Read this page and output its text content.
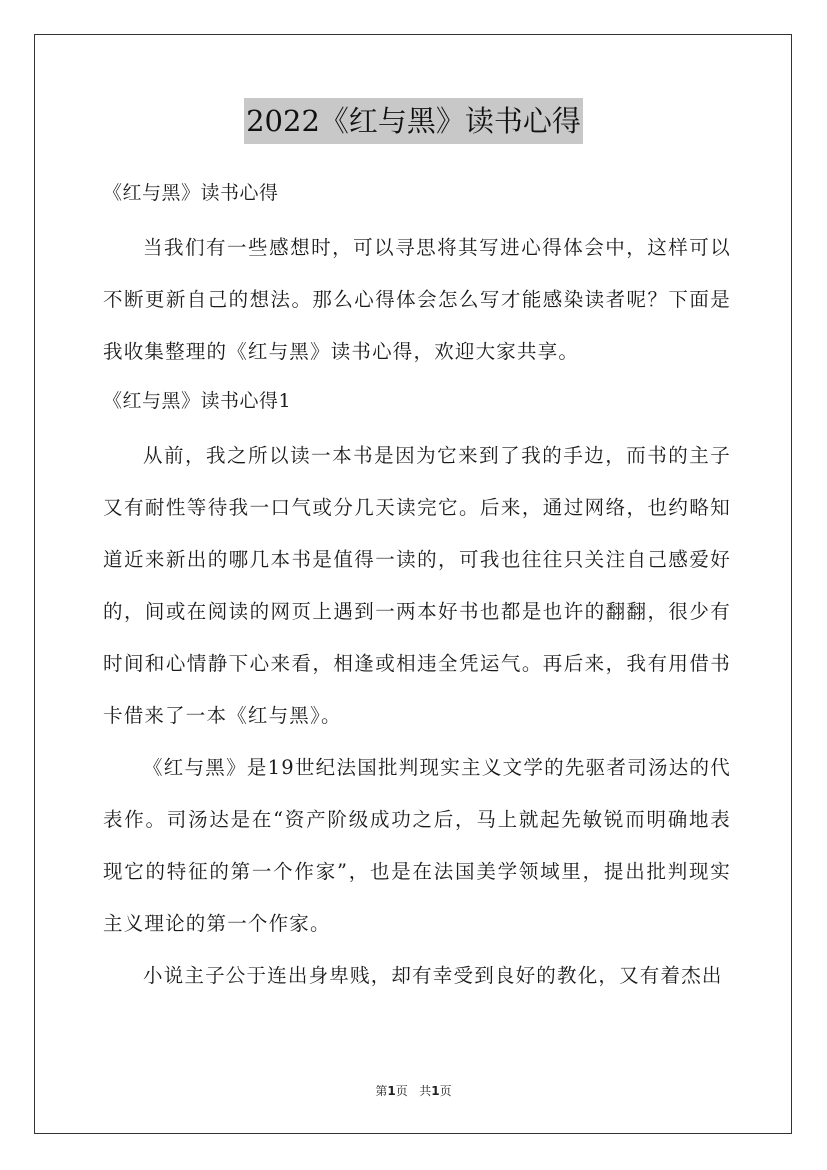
2022《红与黑》读书心得

《红与黑》读书心得

当我们有一些感想时，可以寻思将其写进心得体会中，这样可以不断更新自己的想法。那么心得体会怎么写才能感染读者呢？下面是我收集整理的《红与黑》读书心得，欢迎大家共享。

《红与黑》读书心得1

从前，我之所以读一本书是因为它来到了我的手边，而书的主子又有耐性等待我一口气或分几天读完它。后来，通过网络，也约略知道近来新出的哪几本书是值得一读的，可我也往往只关注自己感爱好的，间或在阅读的网页上遇到一两本好书也都是也许的翻翻，很少有时间和心情静下心来看，相逢或相违全凭运气。再后来，我有用借书卡借来了一本《红与黑》。

《红与黑》是19世纪法国批判现实主义文学的先驱者司汤达的代表作。司汤达是在“资产阶级成功之后，马上就起先敏锐而明确地表现它的特征的第一个作家”，也是在法国美学领域里，提出批判现实主义理论的第一个作家。

小说主子公于连出身卑贱，却有幸受到良好的教化，又有着杰出

第1页 共1页
